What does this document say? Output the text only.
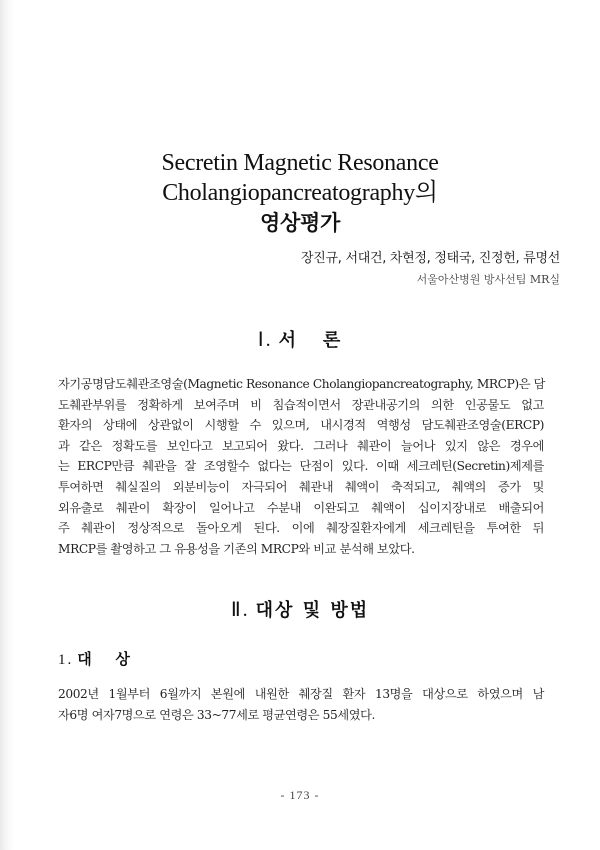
Secretin Magnetic Resonance Cholangiopancreatography의
영상평가
장진규, 서대건, 차현정, 정태국, 진정헌, 류명선
서울아산병원 방사선팀 MR실
Ⅰ. 서   론
자기공명담도췌관조영술(Magnetic Resonance Cholangiopancreatography, MRCP)은 담
도췌관부위를 정확하게 보여주며 비 침습적이면서 장관내공기의 의한 인공물도 없고
환자의 상태에 상관없이 시행할 수 있으며, 내시경적 역행성 담도췌관조영술(ERCP)
과 같은 정확도를 보인다고 보고되어 왔다. 그러나 췌관이 늘어나 있지 않은 경우에
는 ERCP만큼 췌관을 잘 조영할수 없다는 단점이 있다. 이때 세크레틴(Secretin)제제를
투여하면 췌실질의 외분비능이 자극되어 췌관내 췌액이 축적되고, 췌액의 증가 및
외유출로 췌관이 확장이 일어나고 수분내 이완되고 췌액이 십이지장내로 배출되어
주 췌관이 정상적으로 돌아오게 된다. 이에 췌장질환자에게 세크레틴을 투여한 뒤
MRCP를 촬영하고 그 유용성을 기존의 MRCP와 비교 분석해 보았다.
Ⅱ. 대상 및 방법
1. 대   상
2002년 1월부터 6월까지 본원에 내원한 췌장질 환자 13명을 대상으로 하였으며 남
자6명 여자7명으로 연령은 33~77세로 평균연령은 55세였다.
- 173 -
